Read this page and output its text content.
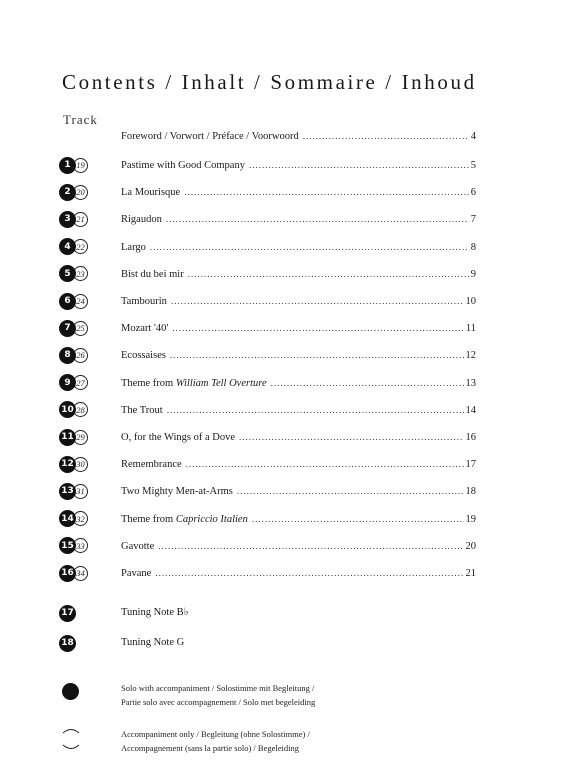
Contents / Inhalt / Sommaire / Inhoud
Track
Foreword / Vorwort / Préface / Voorwoord .....	4
1 19	Pastime with Good Company .....	5
2 20	La Mourisque .....	6
3 21	Rigaudon .....	7
4 22	Largo .....	8
5 23	Bist du bei mir .....	9
6 24	Tambourin .....	10
7 25	Mozart '40' .....	11
8 26	Ecossaises .....	12
9 27	Theme from William Tell Overture .....	13
10 28	The Trout .....	14
11 29	O, for the Wings of a Dove .....	16
12 30	Remembrance .....	17
13 31	Two Mighty Men-at-Arms .....	18
14 32	Theme from Capriccio Italien .....	19
15 33	Gavotte .....	20
16 34	Pavane .....	21
17	Tuning Note B♭
18	Tuning Note G
Solo with accompaniment / Solostimme mit Begleitung /
Partie solo avec accompagnement / Solo met begeleiding
Accompaniment only / Begleitung (ohne Solostimme) /
Accompagnement (sans la partie solo) / Begeleiding
